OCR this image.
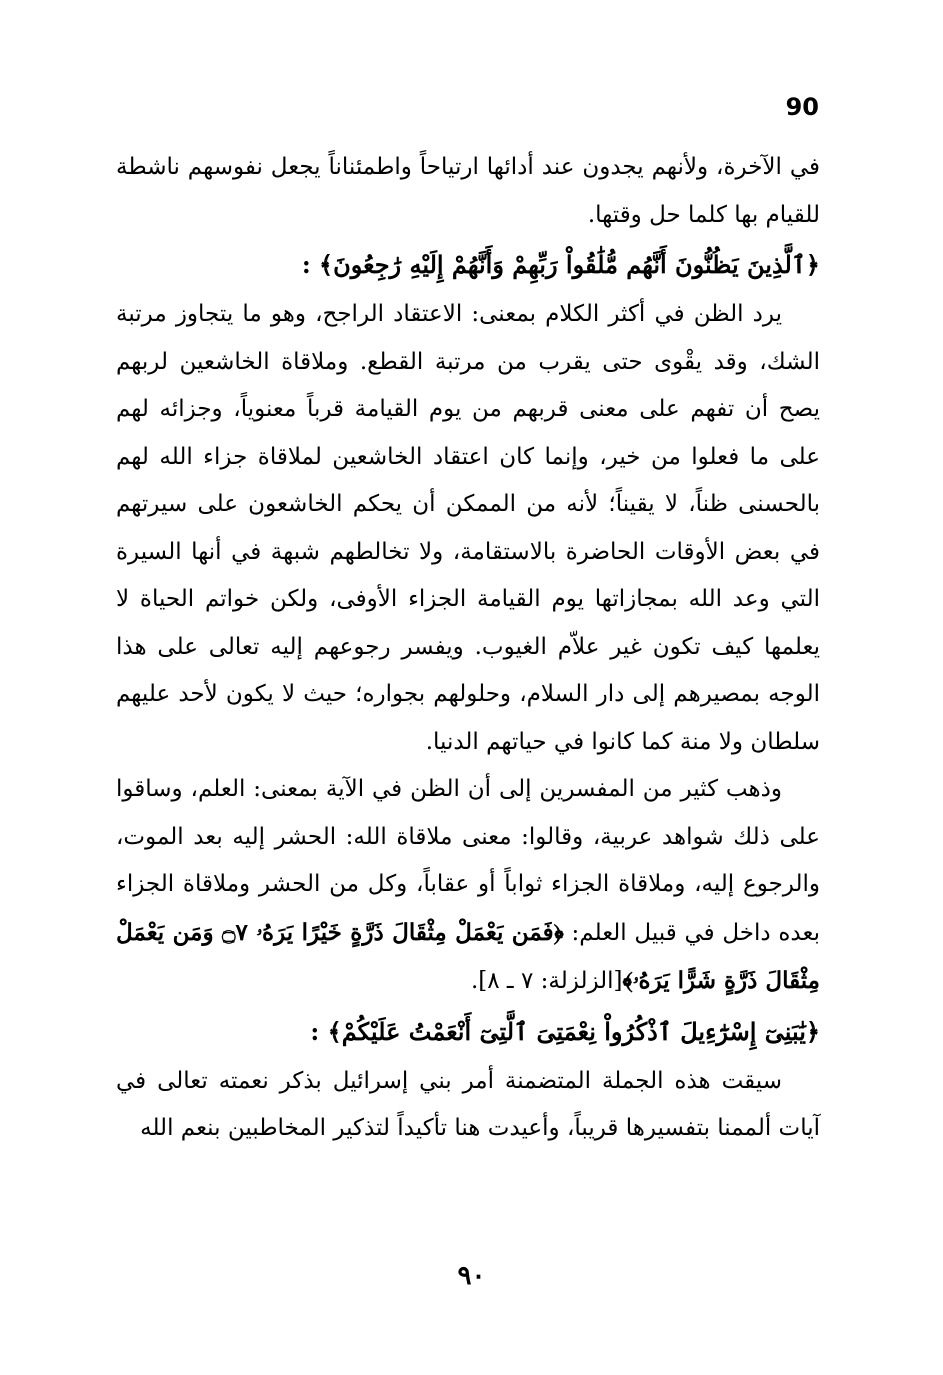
90

في الآخرة، ولأنهم يجدون عند أدائها ارتياحاً واطمئناناً يجعل نفوسهم ناشطة للقيام بها كلما حل وقتها.

﴿ٱلَّذِينَ يَظُنُّونَ أَنَّهُم مُّلَٰقُواْ رَبِّهِمْ وَأَنَّهُمْ إِلَيْهِ رَٰجِعُونَ﴾ :

يرد الظن في أكثر الكلام بمعنى: الاعتقاد الراجح، وهو ما يتجاوز مرتبة الشك، وقد يقْوى حتى يقرب من مرتبة القطع. وملاقاة الخاشعين لربهم يصح أن تفهم على معنى قربهم من يوم القيامة قرباً معنوياً، وجزائه لهم على ما فعلوا من خير، وإنما كان اعتقاد الخاشعين لملاقاة جزاء الله لهم بالحسنى ظناً، لا يقيناً؛ لأنه من الممكن أن يحكم الخاشعون على سيرتهم في بعض الأوقات الحاضرة بالاستقامة، ولا تخالطهم شبهة في أنها السيرة التي وعد الله بمجازاتها يوم القيامة الجزاء الأوفى، ولكن خواتم الحياة لا يعلمها كيف تكون غير علاّم الغيوب. ويفسر رجوعهم إليه تعالى على هذا الوجه بمصيرهم إلى دار السلام، وحلولهم بجواره؛ حيث لا يكون لأحد عليهم سلطان ولا منة كما كانوا في حياتهم الدنيا.

وذهب كثير من المفسرين إلى أن الظن في الآية بمعنى: العلم، وساقوا على ذلك شواهد عربية، وقالوا: معنى ملاقاة الله: الحشر إليه بعد الموت، والرجوع إليه، وملاقاة الجزاء ثواباً أو عقاباً، وكل من الحشر وملاقاة الجزاء بعده داخل في قبيل العلم: ﴿فَمَن يَعْمَلْ مِثْقَالَ ذَرَّةٍ خَيْرًا يَرَهُۥ ۝٧ وَمَن يَعْمَلْ مِثْقَالَ ذَرَّةٍ شَرًّا يَرَهُۥ﴾[الزلزلة: ٧ ـ ٨].

﴿يَٰبَنِىٓ إِسْرَٰٓءِيلَ ٱذْكُرُواْ نِعْمَتِىَ ٱلَّتِىٓ أَنْعَمْتُ عَلَيْكُمْ﴾ :

سيقت هذه الجملة المتضمنة أمر بني إسرائيل بذكر نعمته تعالى في آيات ألممنا بتفسيرها قريباً، وأعيدت هنا تأكيداً لتذكير المخاطبين بنعم الله

٩٠
